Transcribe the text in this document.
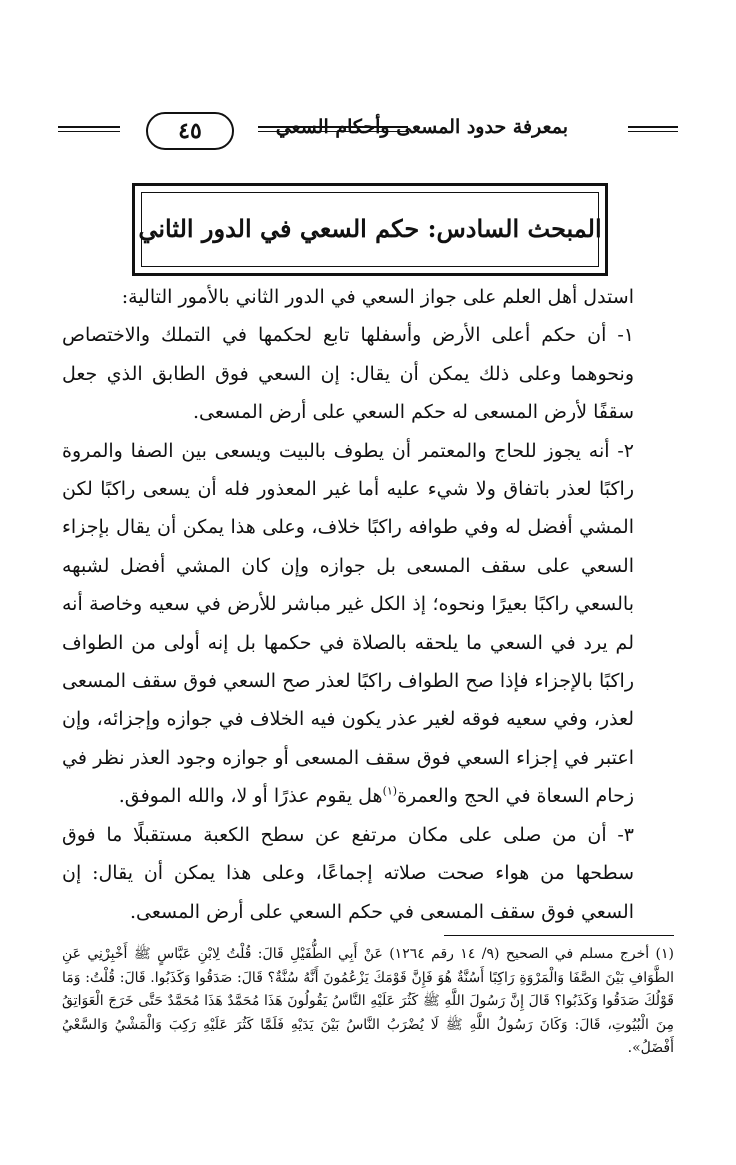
٤٥	بمعرفة حدود المسعى وأحكام السعي
المبحث السادس: حكم السعي في الدور الثاني

استدل أهل العلم على جواز السعي في الدور الثاني بالأمور التالية:

١- أن حكم أعلى الأرض وأسفلها تابع لحكمها في التملك والاختصاص ونحوهما وعلى ذلك يمكن أن يقال: إن السعي فوق الطابق الذي جعل سقفًا لأرض المسعى له حكم السعي على أرض المسعى.

٢- أنه يجوز للحاج والمعتمر أن يطوف بالبيت ويسعى بين الصفا والمروة راكبًا لعذر باتفاق ولا شيء عليه أما غير المعذور فله أن يسعى راكبًا لكن المشي أفضل له وفي طوافه راكبًا خلاف، وعلى هذا يمكن أن يقال بإجزاء السعي على سقف المسعى بل جوازه وإن كان المشي أفضل لشبهه بالسعي راكبًا بعيرًا ونحوه؛ إذ الكل غير مباشر للأرض في سعيه وخاصة أنه لم يرد في السعي ما يلحقه بالصلاة في حكمها بل إنه أولى من الطواف راكبًا بالإجزاء فإذا صح الطواف راكبًا لعذر صح السعي فوق سقف المسعى لعذر، وفي سعيه فوقه لغير عذر يكون فيه الخلاف في جوازه وإجزائه، وإن اعتبر في إجزاء السعي فوق سقف المسعى أو جوازه وجود العذر نظر في زحام السعاة في الحج والعمرة$^{(١)}$هل يقوم عذرًا أو لا، والله الموفق.

٣- أن من صلى على مكان مرتفع عن سطح الكعبة مستقبلًا ما فوق سطحها من هواء صحت صلاته إجماعًا، وعلى هذا يمكن أن يقال: إن السعي فوق سقف المسعى في حكم السعي على أرض المسعى.

(١) أخرج مسلم في الصحيح (٩/ ١٤ رقم ١٢٦٤) عَنْ أَبِي الطُّفَيْلِ قَالَ: قُلْتُ لِابْنِ عَبَّاسٍ ﷺ أَخْبِرْنِي عَنِ الطَّوَافِ بَيْنَ الصَّفَا وَالْمَرْوَةِ رَاكِبًا أَسُنَّةٌ هُوَ فَإِنَّ قَوْمَكَ يَزْعُمُونَ أَنَّهُ سُنَّةٌ؟ قَالَ: صَدَقُوا وَكَذَبُوا. قَالَ: قُلْتُ: وَمَا قَوْلُكَ صَدَقُوا وَكَذَبُوا؟ قَالَ إِنَّ رَسُولَ اللَّهِ ﷺ كَثُرَ عَلَيْهِ النَّاسُ يَقُولُونَ هَذَا مُحَمَّدٌ هَذَا مُحَمَّدٌ حَتَّى خَرَجَ الْعَوَاتِقُ مِنَ الْبُيُوتِ، قَالَ: وَكَانَ رَسُولُ اللَّهِ ﷺ لَا يُضْرَبُ النَّاسُ بَيْنَ يَدَيْهِ فَلَمَّا كَثُرَ عَلَيْهِ رَكِبَ وَالْمَشْيُ وَالسَّعْيُ أَفْضَلُ».
